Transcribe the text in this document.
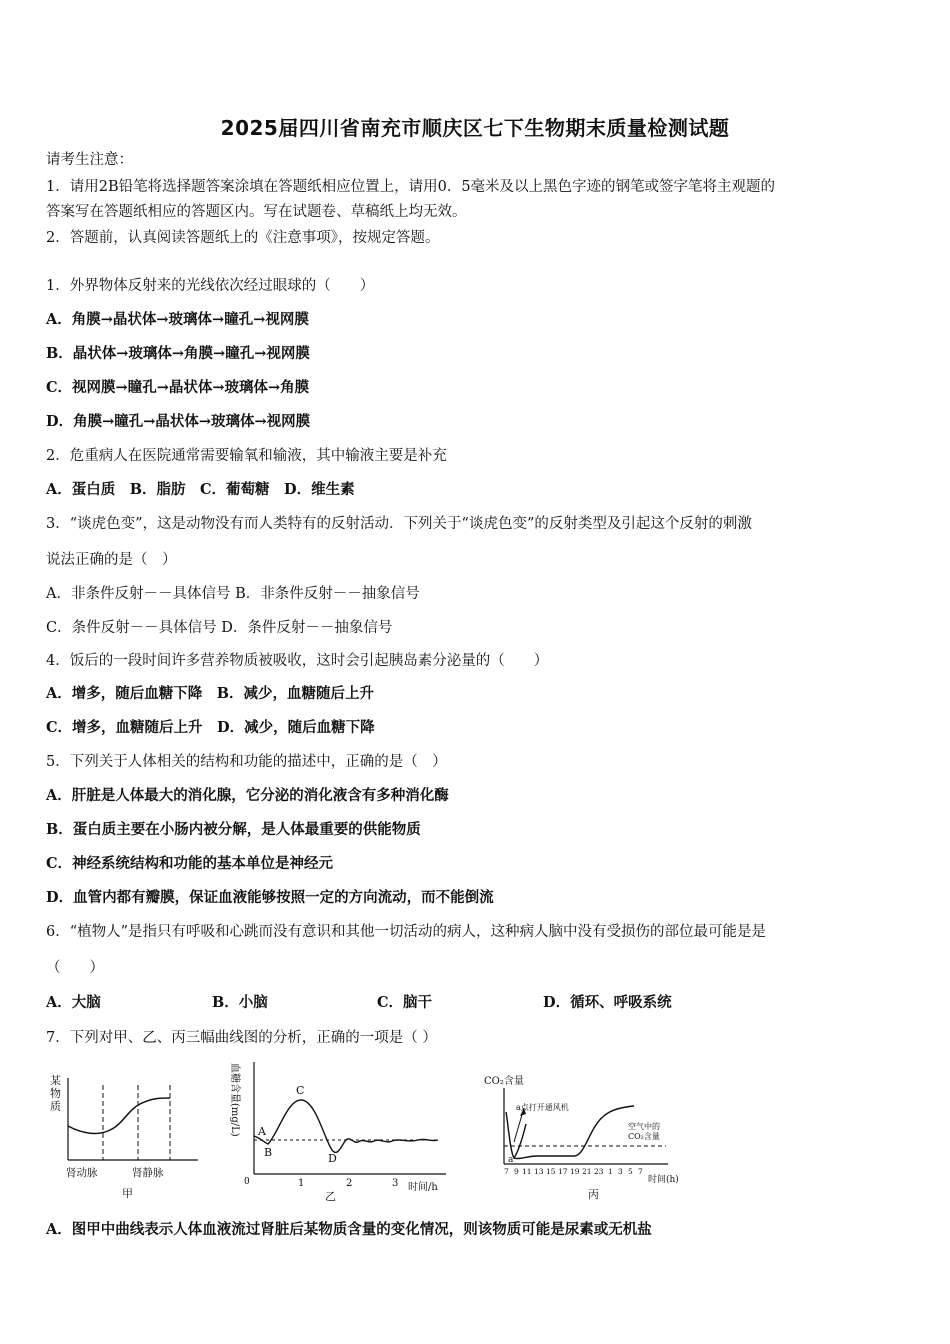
2025届四川省南充市顺庆区七下生物期末质量检测试题
请考生注意：
1．请用2B铅笔将选择题答案涂填在答题纸相应位置上，请用0．5毫米及以上黑色字迹的钢笔或签字笔将主观题的
答案写在答题纸相应的答题区内。写在试题卷、草稿纸上均无效。
2．答题前，认真阅读答题纸上的《注意事项》，按规定答题。
1．外界物体反射来的光线依次经过眼球的（　　）
A．角膜→晶状体→玻璃体→瞳孔→视网膜
B．晶状体→玻璃体→角膜→瞳孔→视网膜
C．视网膜→瞳孔→晶状体→玻璃体→角膜
D．角膜→瞳孔→晶状体→玻璃体→视网膜
2．危重病人在医院通常需要输氧和输液，其中输液主要是补充
A．蛋白质　B．脂肪　C．葡萄糖　D．维生素
3．“谈虎色变”，这是动物没有而人类特有的反射活动．下列关于“谈虎色变”的反射类型及引起这个反射的刺激
说法正确的是（　）
A．非条件反射－－具体信号 B．非条件反射－－抽象信号
C．条件反射－－具体信号 D．条件反射－－抽象信号
4．饭后的一段时间许多营养物质被吸收，这时会引起胰岛素分泌量的（　　）
A．增多，随后血糖下降　B．减少，血糖随后上升
C．增多，血糖随后上升　D．减少，随后血糖下降
5．下列关于人体相关的结构和功能的描述中，正确的是（　）
A．肝脏是人体最大的消化腺，它分泌的消化液含有多种消化酶
B．蛋白质主要在小肠内被分解，是人体最重要的供能物质
C．神经系统结构和功能的基本单位是神经元
D．血管内都有瓣膜，保证血液能够按照一定的方向流动，而不能倒流
6．“植物人”是指只有呼吸和心跳而没有意识和其他一切活动的病人，这种病人脑中没有受损伤的部位最可能是是
（　　）
A．大脑	B．小脑	C．脑干	D．循环、呼吸系统
7．下列对甲、乙、丙三幅曲线图的分析，正确的一项是（ ）
某
物
质
肾动脉	肾静脉
甲
血糖含量(mg/L) A
B
C
D
0	1	2	3 时间/h
乙
CO₂含量
a点打开通风机
空气中的
CO₂含量
a
7 9 11 13 15 17 19 21 23 1 3 5 7
时间(h)
丙
A．图甲中曲线表示人体血液流过肾脏后某物质含量的变化情况，则该物质可能是尿素或无机盐
